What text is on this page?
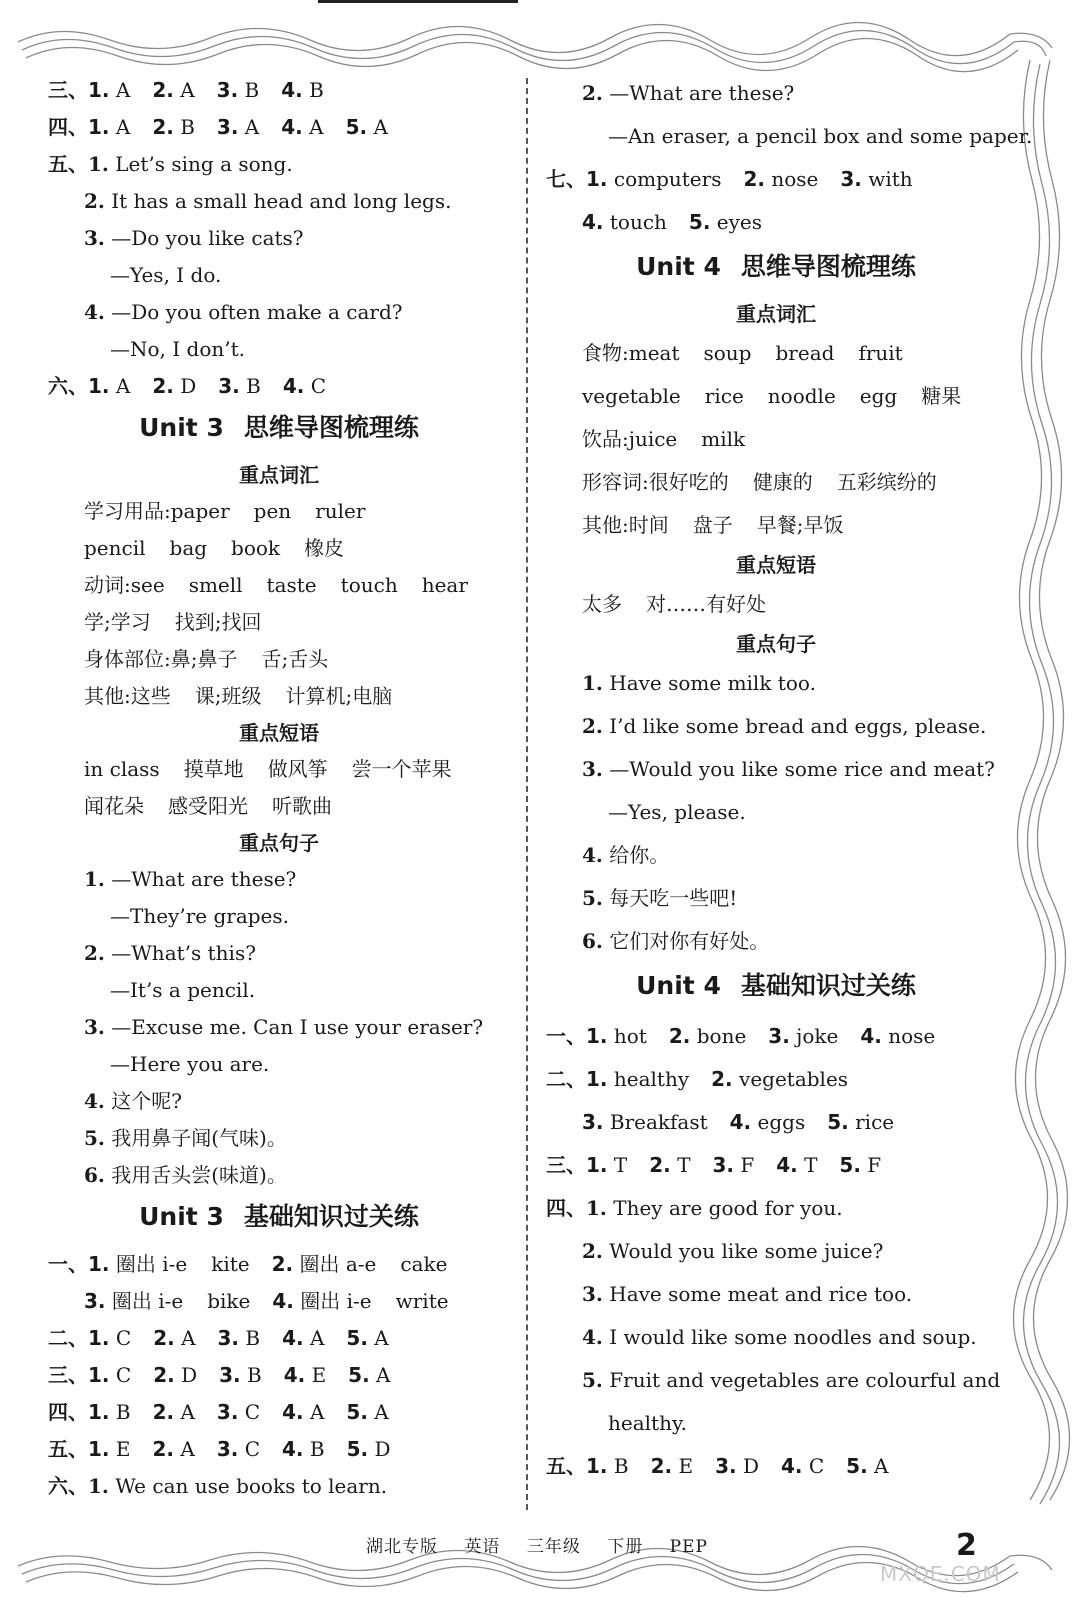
三、1. A 2. A 3. B 4. B
四、1. A 2. B 3. A 4. A 5. A
五、1. Let’s sing a song.
2. It has a small head and long legs.
3. —Do you like cats?
—Yes, I do.
4. —Do you often make a card?
—No, I don’t.
六、1. A 2. D 3. B 4. C
Unit 3 思维导图梳理练
重点词汇
学习用品:paper pen ruler
pencil bag book 橡皮
动词:see smell taste touch hear
学;学习 找到;找回
身体部位:鼻;鼻子 舌;舌头
其他:这些 课;班级 计算机;电脑
重点短语
in class 摸草地 做风筝 尝一个苹果
闻花朵 感受阳光 听歌曲
重点句子
1. —What are these?
—They’re grapes.
2. —What’s this?
—It’s a pencil.
3. —Excuse me. Can I use your eraser?
—Here you are.
4. 这个呢?
5. 我用鼻子闻(气味)。
6. 我用舌头尝(味道)。
Unit 3 基础知识过关练
一、1. 圈出 i-e kite 2. 圈出 a-e cake
3. 圈出 i-e bike 4. 圈出 i-e write
二、1. C 2. A 3. B 4. A 5. A
三、1. C 2. D 3. B 4. E 5. A
四、1. B 2. A 3. C 4. A 5. A
五、1. E 2. A 3. C 4. B 5. D
六、1. We can use books to learn.
2. —What are these?
—An eraser, a pencil box and some paper.
七、1. computers 2. nose 3. with
4. touch 5. eyes
Unit 4 思维导图梳理练
重点词汇
食物:meat soup bread fruit
vegetable rice noodle egg 糖果
饮品:juice milk
形容词:很好吃的 健康的 五彩缤纷的
其他:时间 盘子 早餐;早饭
重点短语
太多 对……有好处
重点句子
1. Have some milk too.
2. I’d like some bread and eggs, please.
3. —Would you like some rice and meat?
—Yes, please.
4. 给你。
5. 每天吃一些吧!
6. 它们对你有好处。
Unit 4 基础知识过关练
一、1. hot 2. bone 3. joke 4. nose
二、1. healthy 2. vegetables
3. Breakfast 4. eggs 5. rice
三、1. T 2. T 3. F 4. T 5. F
四、1. They are good for you.
2. Would you like some juice?
3. Have some meat and rice too.
4. I would like some noodles and soup.
5. Fruit and vegetables are colourful and
healthy.
五、1. B 2. E 3. D 4. C 5. A
湖北专版 英语 三年级 下册 PEP	2
MXQE.COM
